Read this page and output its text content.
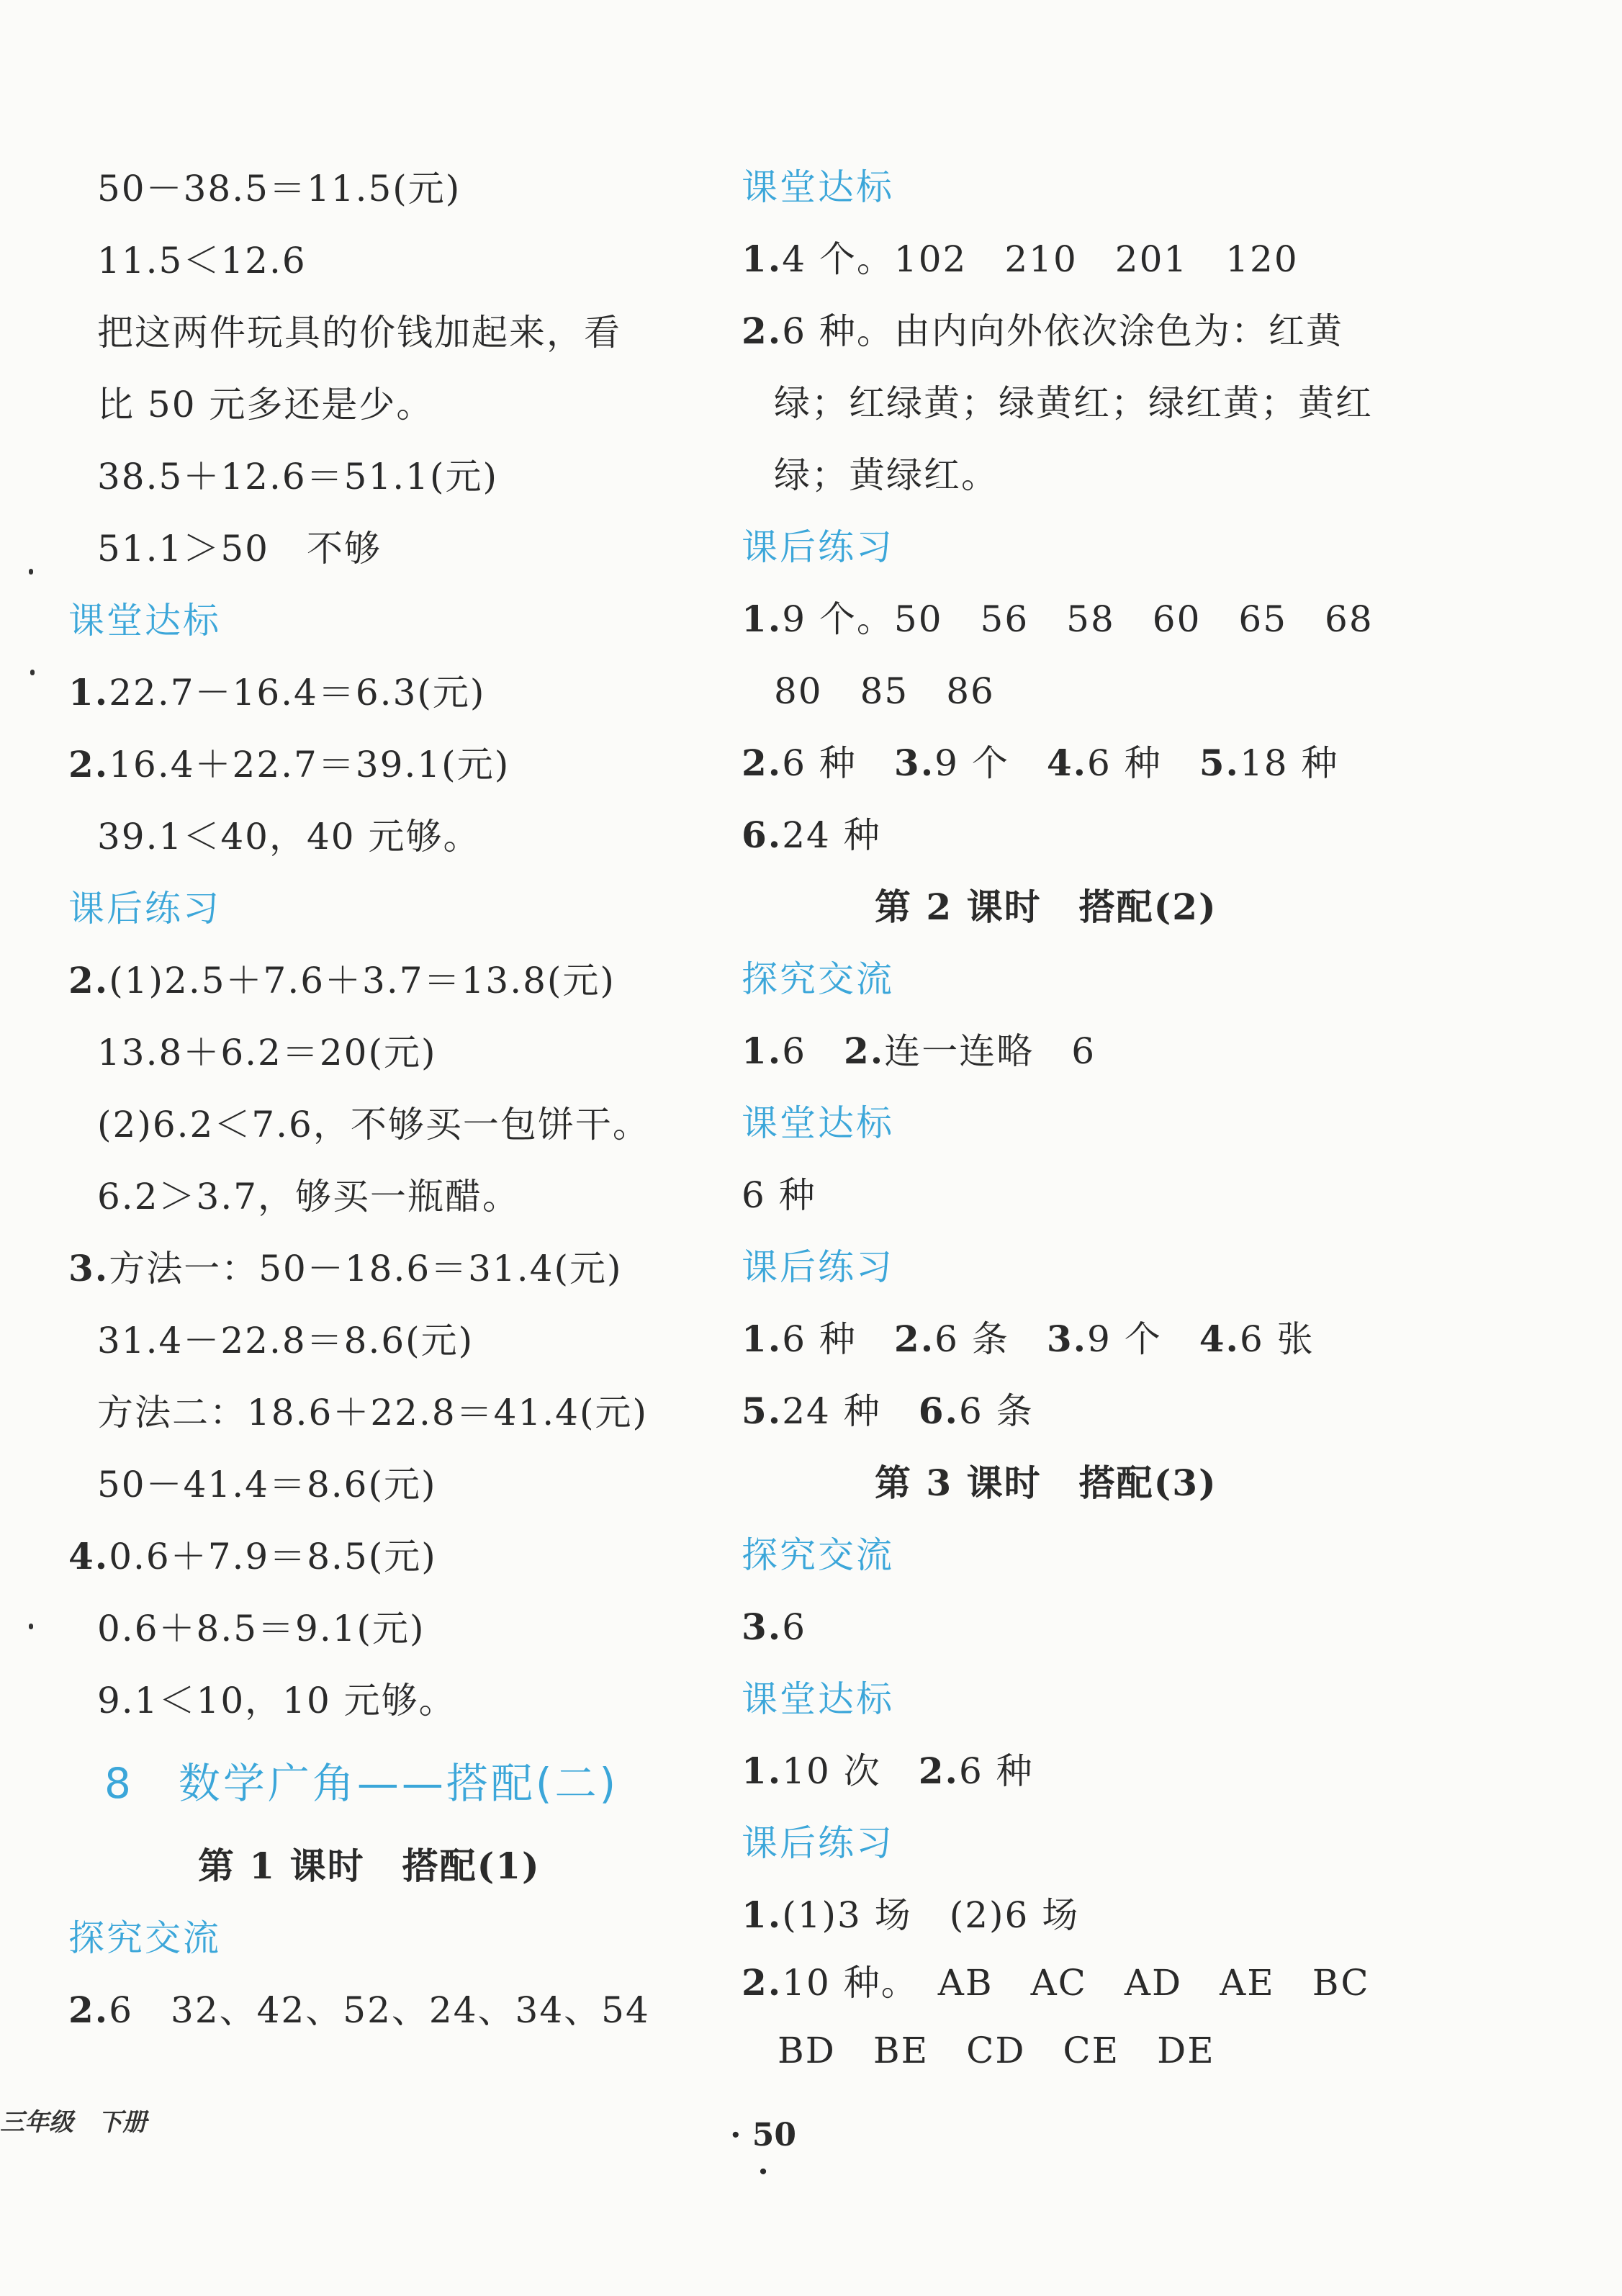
50－38.5＝11.5(元)
11.5＜12.6
把这两件玩具的价钱加起来，看
比 50 元多还是少。
38.5＋12.6＝51.1(元)
51.1＞50　不够
课堂达标
1.22.7－16.4＝6.3(元)
2.16.4＋22.7＝39.1(元)
39.1＜40，40 元够。
课后练习
2.(1)2.5＋7.6＋3.7＝13.8(元)
13.8＋6.2＝20(元)
(2)6.2＜7.6，不够买一包饼干。
6.2＞3.7，够买一瓶醋。
3.方法一：50－18.6＝31.4(元)
31.4－22.8＝8.6(元)
方法二：18.6＋22.8＝41.4(元)
50－41.4＝8.6(元)
4.0.6＋7.9＝8.5(元)
0.6＋8.5＝9.1(元)
9.1＜10，10 元够。
8　数学广角——搭配(二)
第 1 课时　搭配(1)
探究交流
2.6　32、42、52、24、34、54
课堂达标
1.4 个。102　210　201　120
2.6 种。由内向外依次涂色为：红黄
绿；红绿黄；绿黄红；绿红黄；黄红
绿；黄绿红。
课后练习
1.9 个。50　56　58　60　65　68
80　85　86
2.6 种　 3.9 个　 4.6 种　 5.18 种
6.24 种
第 2 课时　搭配(2)
探究交流
1.6　 2.连一连略　6
课堂达标
6 种
课后练习
1.6 种　 2.6 条　 3.9 个　 4.6 张
5.24 种　 6.6 条
第 3 课时　搭配(3)
探究交流
3.6
课堂达标
1.10 次　 2.6 种
课后练习
1.(1)3 场　(2)6 场
2.10 种。　AB　AC　AD　AE　BC
BD　BE　CD　CE　DE
三年级　下册	· 50 ·
